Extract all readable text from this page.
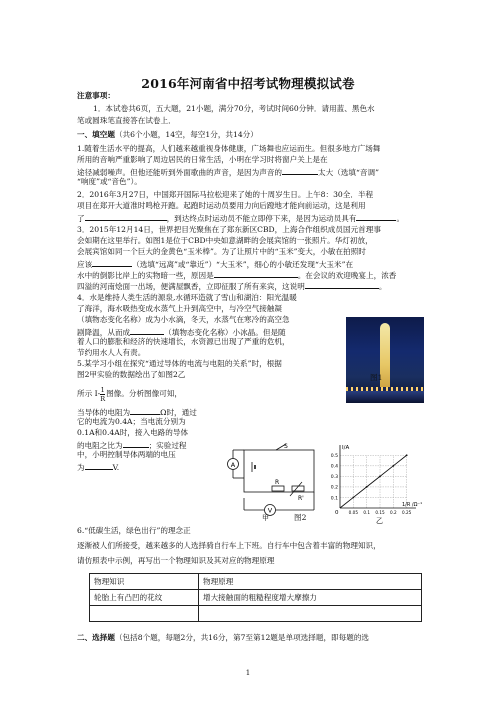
2016年河南省中招考试物理模拟试卷
注意事项：
1．本试卷共6页，五大题，21小题，满分70分，考试时间60分钟．请用蓝、黑色水
笔或圆珠笔直接答在试卷上．
一、填空题（共6个小题，14空，每空1分，共14分）
1.随着生活水平的提高，人们越来越重视身体健康，广场舞也应运而生。但很多地方广场舞
所用的音响严重影响了周边居民的日常生活，小明在学习时将窗户关上是在
途径减弱噪声。但他还能听到外面歌曲的声音，是因为声音的	太大（选填“音调”
“响度”或“音色”）。
2．2016年3月27日，中国郑开国际马拉松迎来了她的十周岁生日。上午8：30全．半程
项目在郑开大道准时鸣枪开跑。起跑时运动员要用力向后蹬地才能向前运动，这是利用
了	，到达终点时运动员不能立即停下来，是因为运动员具有	。
3．2015年12月14日，世界把目光聚焦在了郑东新区CBD，上海合作组织成员国元首理事
会如期在这里举行。如图1是位于CBD中央如意湖畔的会展宾馆的一张照片。华灯初放，
会展宾馆如同一个巨大的金黄色“玉米棒”。为了让照片中的“玉米”变大，小敏在拍照时
应该	（选填“远离”或“靠近”）“大玉米”，细心的小敏还发现“大玉米”在
水中的倒影比岸上的实物暗一些，原因是	。在会议的欢迎晚宴上，浓香
四溢的河南烩面一出场，便满屋飘香，立即征服了所有来宾，这说明	。
4．水是维持人类生活的源泉,水循环造就了雪山和湖泊：阳光温暖
了海洋，海水吸热变成水蒸气上升到高空中，与冷空气接触凝
（填物态变化名称）成为小水滴，冬天，水蒸气在寒冷的高空急
剧降温，从而成	（填物态变化名称）小冰晶。但是随
着人口的膨胀和经济的快速增长，水资源已出现了严重的危机，
节约用水人人有责。
5.某学习小组在探究“通过导体的电流与电阻的关系”时，根据
图2甲实验的数据绘出了如图2乙	图1
所示 $I- \frac{1}{R}$ 图像。分析图像可知，
当导体的电阻为	Ω时，通过
它的电流为0.4A；当电流分别为
0.1A和0.4A时，接入电路的导体
的电阻之比为	；实验过程
中，小明控制导体两端的电压
为	V.	A
V
S
R
R'
甲	图2
0.5
0.4
0.3
0.2
0.1
0.05 0.1 0.15 0.2 0.25
I/A
1/R /Ω⁻¹
0
乙
6.“低碳生活，绿色出行”的理念正
逐渐被人们所接受，越来越多的人选择骑自行车上下班。自行车中包含着丰富的物理知识，
请仿照表中示例，再写出一个物理知识及其对应的物理原理
物理知识	物理原理
轮胎上有凸凹的花纹	增大接触面的粗糙程度增大摩擦力

二、选择题（包括8个题，每题2分，共16分，第7至第12题是单项选择题，即每题的选
1
